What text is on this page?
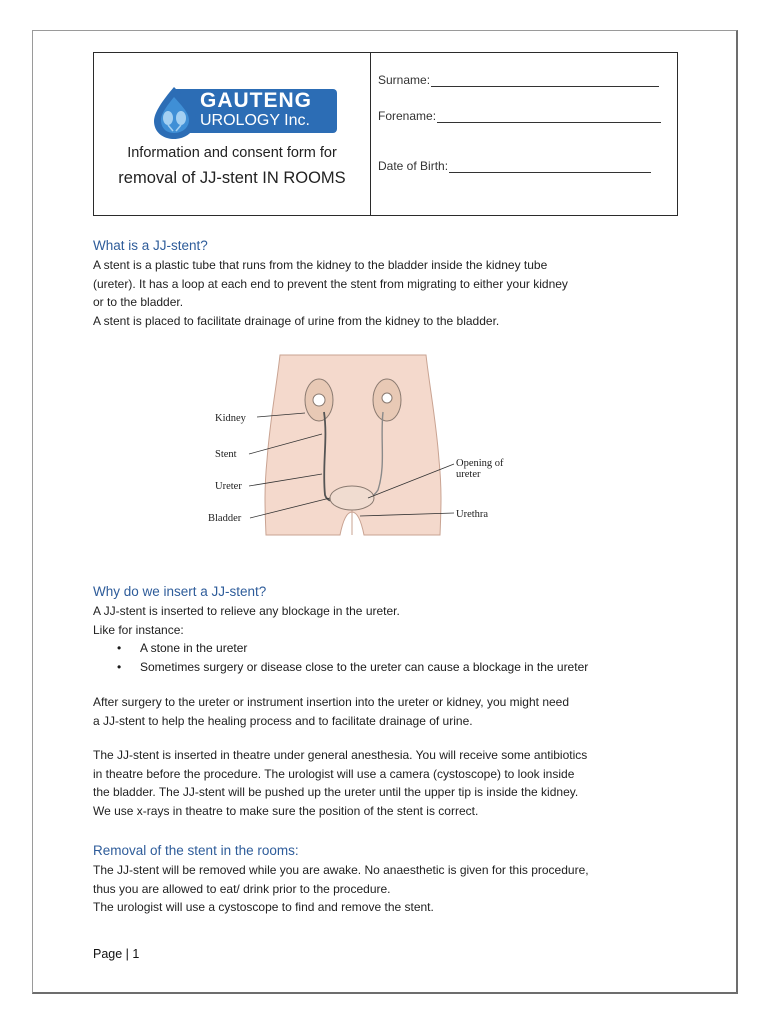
GAUTENG
UROLOGY Inc.
Information and consent form for
removal of JJ-stent IN ROOMS
Surname:
Forename:
Date of Birth:
What is a JJ-stent?

A stent is a plastic tube that runs from the kidney to the bladder inside the kidney tube
(ureter). It has a loop at each end to prevent the stent from migrating to either your kidney
or to the bladder.
A stent is placed to facilitate drainage of urine from the kidney to the bladder.

Kidney
Stent
Ureter
Bladder
Opening of
ureter
Urethra
Why do we insert a JJ-stent?

A JJ-stent is inserted to relieve any blockage in the ureter.
Like for instance:

• A stone in the ureter
• Sometimes surgery or disease close to the ureter can cause a blockage in the ureter

After surgery to the ureter or instrument insertion into the ureter or kidney, you might need
a JJ-stent to help the healing process and to facilitate drainage of urine.

The JJ-stent is inserted in theatre under general anesthesia. You will receive some antibiotics
in theatre before the procedure. The urologist will use a camera (cystoscope) to look inside
the bladder. The JJ-stent will be pushed up the ureter until the upper tip is inside the kidney.
We use x-rays in theatre to make sure the position of the stent is correct.

Removal of the stent in the rooms:

The JJ-stent will be removed while you are awake. No anaesthetic is given for this procedure,
thus you are allowed to eat/ drink prior to the procedure.
The urologist will use a cystoscope to find and remove the stent.

Page | 1
